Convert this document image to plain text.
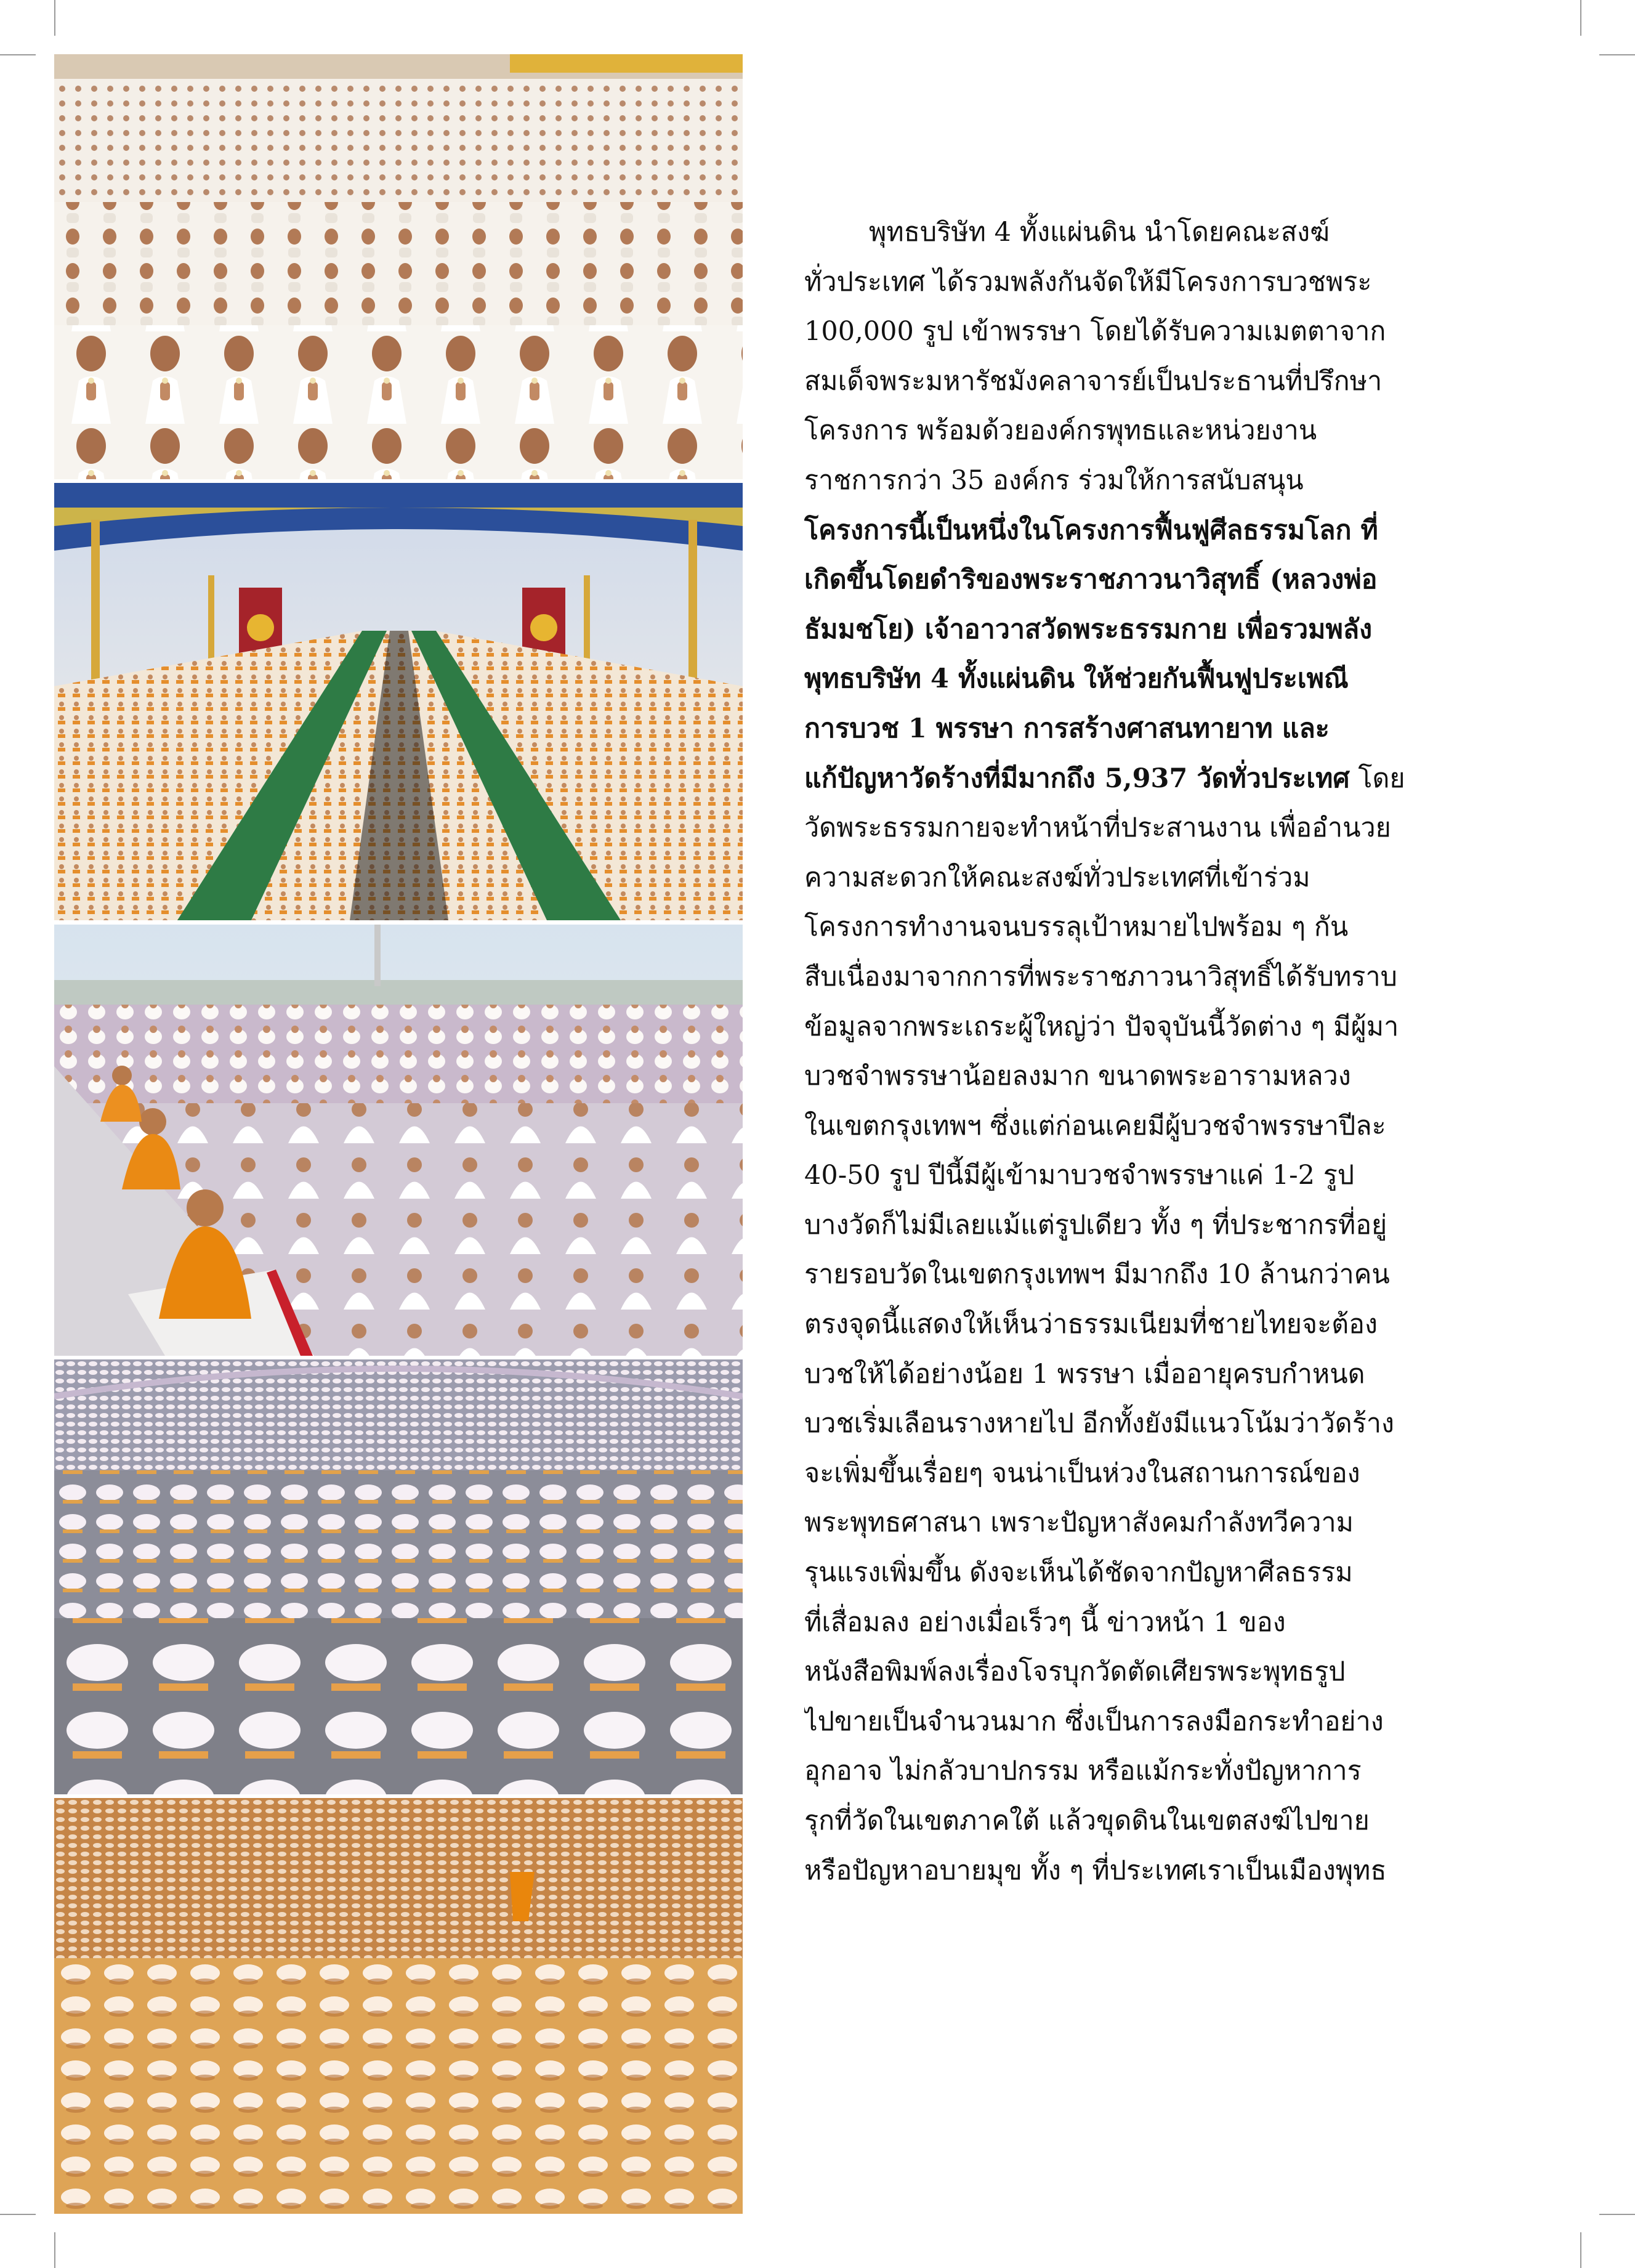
พุทธบริษัท 4 ทั้งแผ่นดิน นำโดยคณะสงฆ์
ทั่วประเทศ ได้รวมพลังกันจัดให้มีโครงการบวชพระ
100,000 รูป เข้าพรรษา โดยได้รับความเมตตาจาก
สมเด็จพระมหารัชมังคลาจารย์เป็นประธานที่ปรึกษา
โครงการ พร้อมด้วยองค์กรพุทธและหน่วยงาน
ราชการกว่า 35 องค์กร ร่วมให้การสนับสนุน
โครงการนี้เป็นหนึ่งในโครงการฟื้นฟูศีลธรรมโลก ที่
เกิดขึ้นโดยดำริของพระราชภาวนาวิสุทธิ์ (หลวงพ่อ
ธัมมชโย) เจ้าอาวาสวัดพระธรรมกาย เพื่อรวมพลัง
พุทธบริษัท 4 ทั้งแผ่นดิน ให้ช่วยกันฟื้นฟูประเพณี
การบวช 1 พรรษา การสร้างศาสนทายาท และ
แก้ปัญหาวัดร้างที่มีมากถึง 5,937 วัดทั่วประเทศ โดย
วัดพระธรรมกายจะทำหน้าที่ประสานงาน เพื่ออำนวย
ความสะดวกให้คณะสงฆ์ทั่วประเทศที่เข้าร่วม
โครงการทำงานจนบรรลุเป้าหมายไปพร้อม ๆ กัน
สืบเนื่องมาจากการที่พระราชภาวนาวิสุทธิ์ได้รับทราบ
ข้อมูลจากพระเถระผู้ใหญ่ว่า ปัจจุบันนี้วัดต่าง ๆ มีผู้มา
บวชจำพรรษาน้อยลงมาก ขนาดพระอารามหลวง
ในเขตกรุงเทพฯ ซึ่งแต่ก่อนเคยมีผู้บวชจำพรรษาปีละ
40-50 รูป ปีนี้มีผู้เข้ามาบวชจำพรรษาแค่ 1-2 รูป
บางวัดก็ไม่มีเลยแม้แต่รูปเดียว ทั้ง ๆ ที่ประชากรที่อยู่
รายรอบวัดในเขตกรุงเทพฯ มีมากถึง 10 ล้านกว่าคน
ตรงจุดนี้แสดงให้เห็นว่าธรรมเนียมที่ชายไทยจะต้อง
บวชให้ได้อย่างน้อย 1 พรรษา เมื่ออายุครบกำหนด
บวชเริ่มเลือนรางหายไป อีกทั้งยังมีแนวโน้มว่าวัดร้าง
จะเพิ่มขึ้นเรื่อยๆ จนน่าเป็นห่วงในสถานการณ์ของ
พระพุทธศาสนา เพราะปัญหาสังคมกำลังทวีความ
รุนแรงเพิ่มขึ้น ดังจะเห็นได้ชัดจากปัญหาศีลธรรม
ที่เสื่อมลง อย่างเมื่อเร็วๆ นี้ ข่าวหน้า 1 ของ
หนังสือพิมพ์ลงเรื่องโจรบุกวัดตัดเศียรพระพุทธรูป
ไปขายเป็นจำนวนมาก ซึ่งเป็นการลงมือกระทำอย่าง
อุกอาจ ไม่กลัวบาปกรรม หรือแม้กระทั่งปัญหาการ
รุกที่วัดในเขตภาคใต้ แล้วขุดดินในเขตสงฆ์ไปขาย
หรือปัญหาอบายมุข ทั้ง ๆ ที่ประเทศเราเป็นเมืองพุทธ
